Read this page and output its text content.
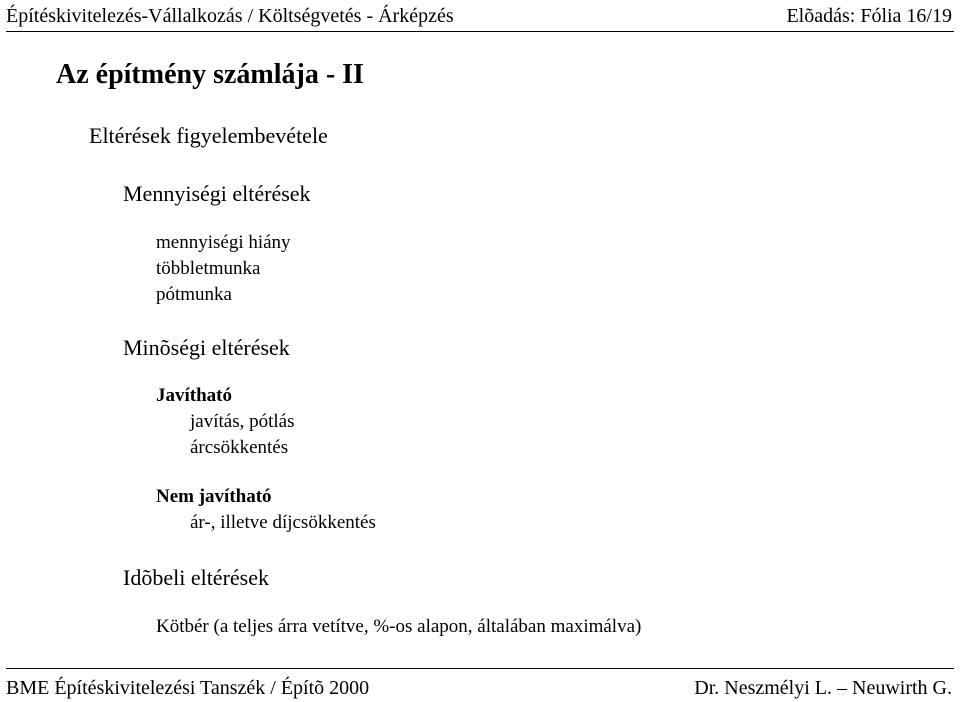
Építéskivitelezés-Vállalkozás / Költségvetés - Árképzés	Elõadás: Fólia 16/19
Az építmény számlája - II
Eltérések figyelembevétele
Mennyiségi eltérések
mennyiségi hiány
többletmunka
pótmunka
Minõségi eltérések
Javítható
javítás, pótlás
árcsökkentés
Nem javítható
ár-, illetve díjcsökkentés
Idõbeli eltérések
Kötbér (a teljes árra vetítve, %-os alapon, általában maximálva)
BME Építéskivitelezési Tanszék / Építõ 2000	Dr. Neszmélyi L. – Neuwirth G.
